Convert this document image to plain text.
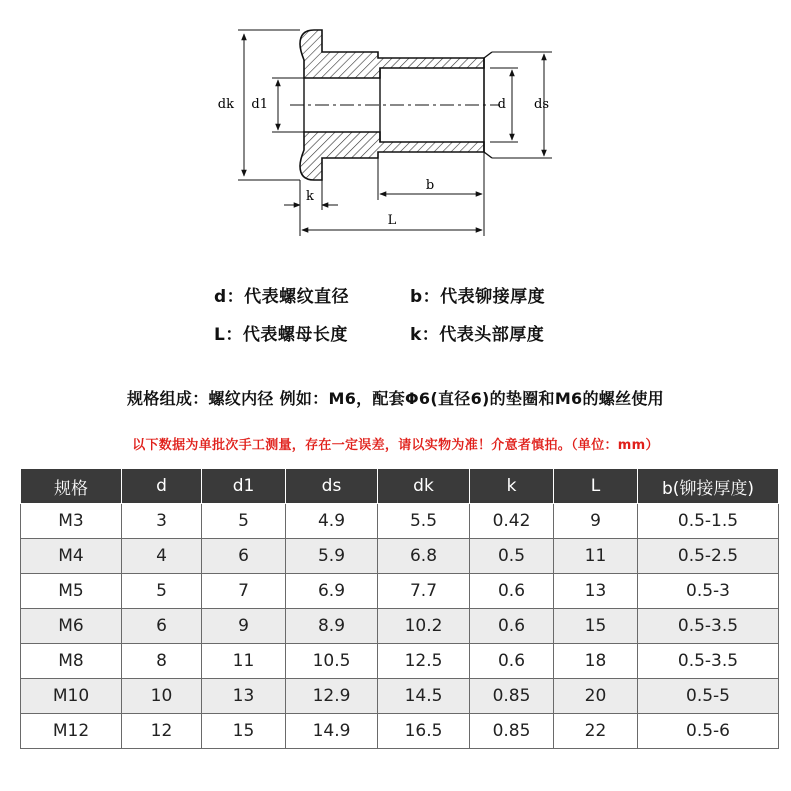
dk d1	d ds
k
b
L
d：代表螺纹直径	b：代表铆接厚度
L：代表螺母长度	k：代表头部厚度
规格组成：螺纹内径 例如：M6，配套Φ6(直径6)的垫圈和M6的螺丝使用
以下数据为单批次手工测量，存在一定误差，请以实物为准！介意者慎拍。（单位：mm）
规格	d	d1	ds	dk	k	L	b(铆接厚度)
M3	3	5	4.9	5.5	0.42	9	0.5-1.5
M4	4	6	5.9	6.8	0.5	11	0.5-2.5
M5	5	7	6.9	7.7	0.6	13	0.5-3
M6	6	9	8.9	10.2	0.6	15	0.5-3.5
M8	8	11	10.5	12.5	0.6	18	0.5-3.5
M10	10	13	12.9	14.5	0.85	20	0.5-5
M12	12	15	14.9	16.5	0.85	22	0.5-6
